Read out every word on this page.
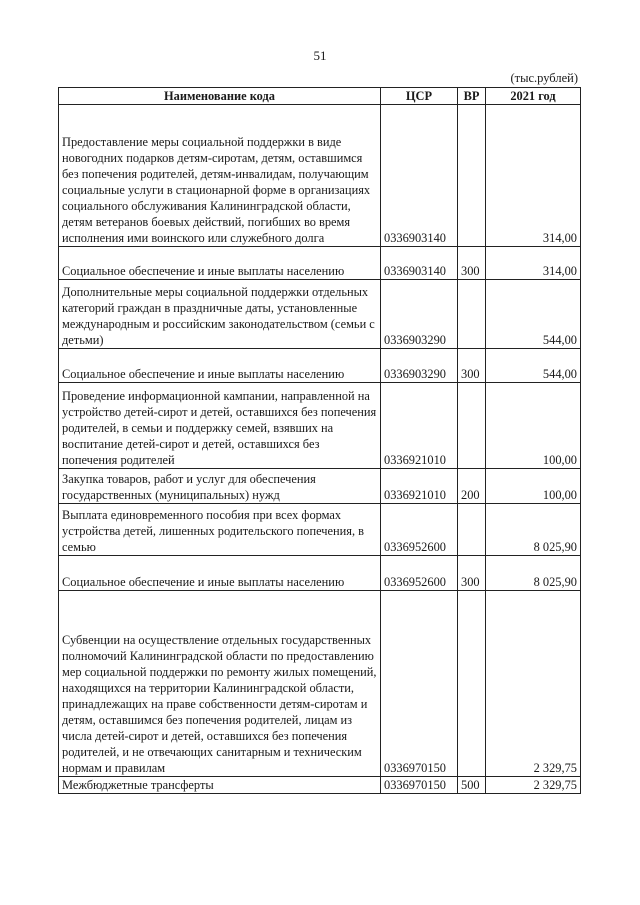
51
(тыс.рублей)
Наименование кода	ЦСР	ВР	2021 год
Предоставление меры социальной поддержки в виде новогодних подарков детям-сиротам, детям, оставшимся без попечения родителей, детям-инвалидам, получающим социальные услуги в стационарной форме в организациях социального обслуживания Калининградской области, детям ветеранов боевых действий, погибших во время исполнения ими воинского или служебного долга	0336903140		314,00
Социальное обеспечение и иные выплаты населению	0336903140	300	314,00
Дополнительные меры социальной поддержки отдельных категорий граждан в праздничные даты, установленные международным и российским законодательством (семьи с детьми)	0336903290		544,00
Социальное обеспечение и иные выплаты населению	0336903290	300	544,00
Проведение информационной кампании, направленной на устройство детей-сирот и детей, оставшихся без попечения родителей, в семьи и поддержку семей, взявших на воспитание детей-сирот и детей, оставшихся без попечения родителей	0336921010		100,00
Закупка товаров, работ и услуг для обеспечения государственных (муниципальных) нужд	0336921010	200	100,00
Выплата единовременного пособия при всех формах устройства детей, лишенных родительского попечения, в семью	0336952600		8 025,90
Социальное обеспечение и иные выплаты населению	0336952600	300	8 025,90
Субвенции на осуществление отдельных государственных полномочий Калининградской области по предоставлению мер социальной поддержки по ремонту жилых помещений, находящихся на территории Калининградской области, принадлежащих на праве собственности детям-сиротам и детям, оставшимся без попечения родителей, лицам из числа детей-сирот и детей, оставшихся без попечения родителей, и не отвечающих санитарным и техническим нормам и правилам	0336970150		2 329,75
Межбюджетные трансферты	0336970150	500	2 329,75
